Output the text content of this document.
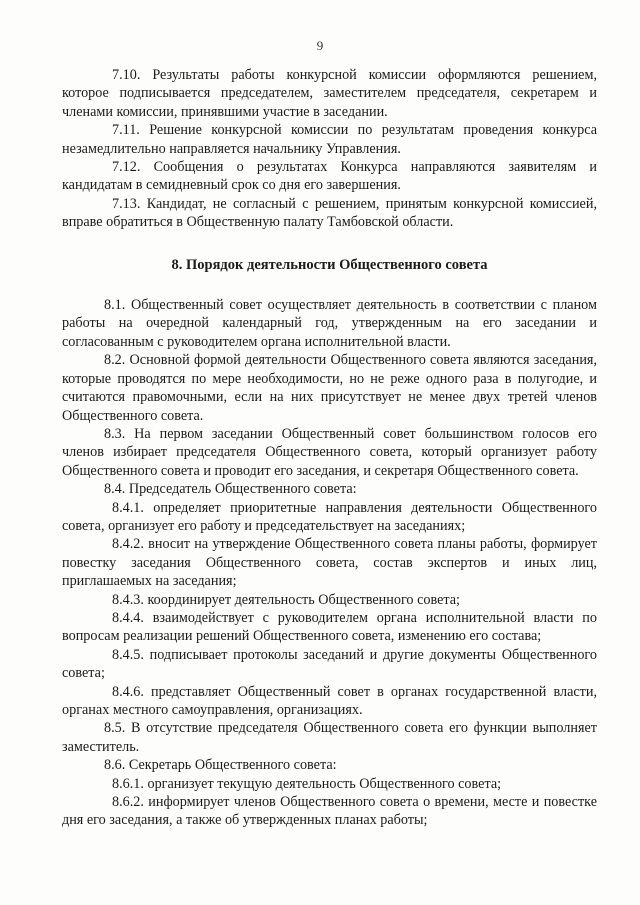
9

7.10. Результаты работы конкурсной комиссии оформляются решением, которое подписывается председателем, заместителем председателя, секретарем и членами комиссии, принявшими участие в заседании.

7.11. Решение конкурсной комиссии по результатам проведения конкурса незамедлительно направляется начальнику Управления.

7.12. Сообщения о результатах Конкурса направляются заявителям и кандидатам в семидневный срок со дня его завершения.

7.13. Кандидат, не согласный с решением, принятым конкурсной комиссией, вправе обратиться в Общественную палату Тамбовской области.

8. Порядок деятельности Общественного совета

8.1. Общественный совет осуществляет деятельность в соответствии с планом работы на очередной календарный год, утвержденным на его заседании и согласованным с руководителем органа исполнительной власти.

8.2. Основной формой деятельности Общественного совета являются заседания, которые проводятся по мере необходимости, но не реже одного раза в полугодие, и считаются правомочными, если на них присутствует не менее двух третей членов Общественного совета.

8.3. На первом заседании Общественный совет большинством голосов его членов избирает председателя Общественного совета, который организует работу Общественного совета и проводит его заседания, и секретаря Общественного совета.

8.4. Председатель Общественного совета:

8.4.1. определяет приоритетные направления деятельности Общественного совета, организует его работу и председательствует на заседаниях;

8.4.2. вносит на утверждение Общественного совета планы работы, формирует повестку заседания Общественного совета, состав экспертов и иных лиц, приглашаемых на заседания;

8.4.3. координирует деятельность Общественного совета;

8.4.4. взаимодействует с руководителем органа исполнительной власти по вопросам реализации решений Общественного совета, изменению его состава;

8.4.5. подписывает протоколы заседаний и другие документы Общественного совета;

8.4.6. представляет Общественный совет в органах государственной власти, органах местного самоуправления, организациях.

8.5. В отсутствие председателя Общественного совета его функции выполняет заместитель.

8.6. Секретарь Общественного совета:

8.6.1. организует текущую деятельность Общественного совета;

8.6.2. информирует членов Общественного совета о времени, месте и повестке дня его заседания, а также об утвержденных планах работы;
